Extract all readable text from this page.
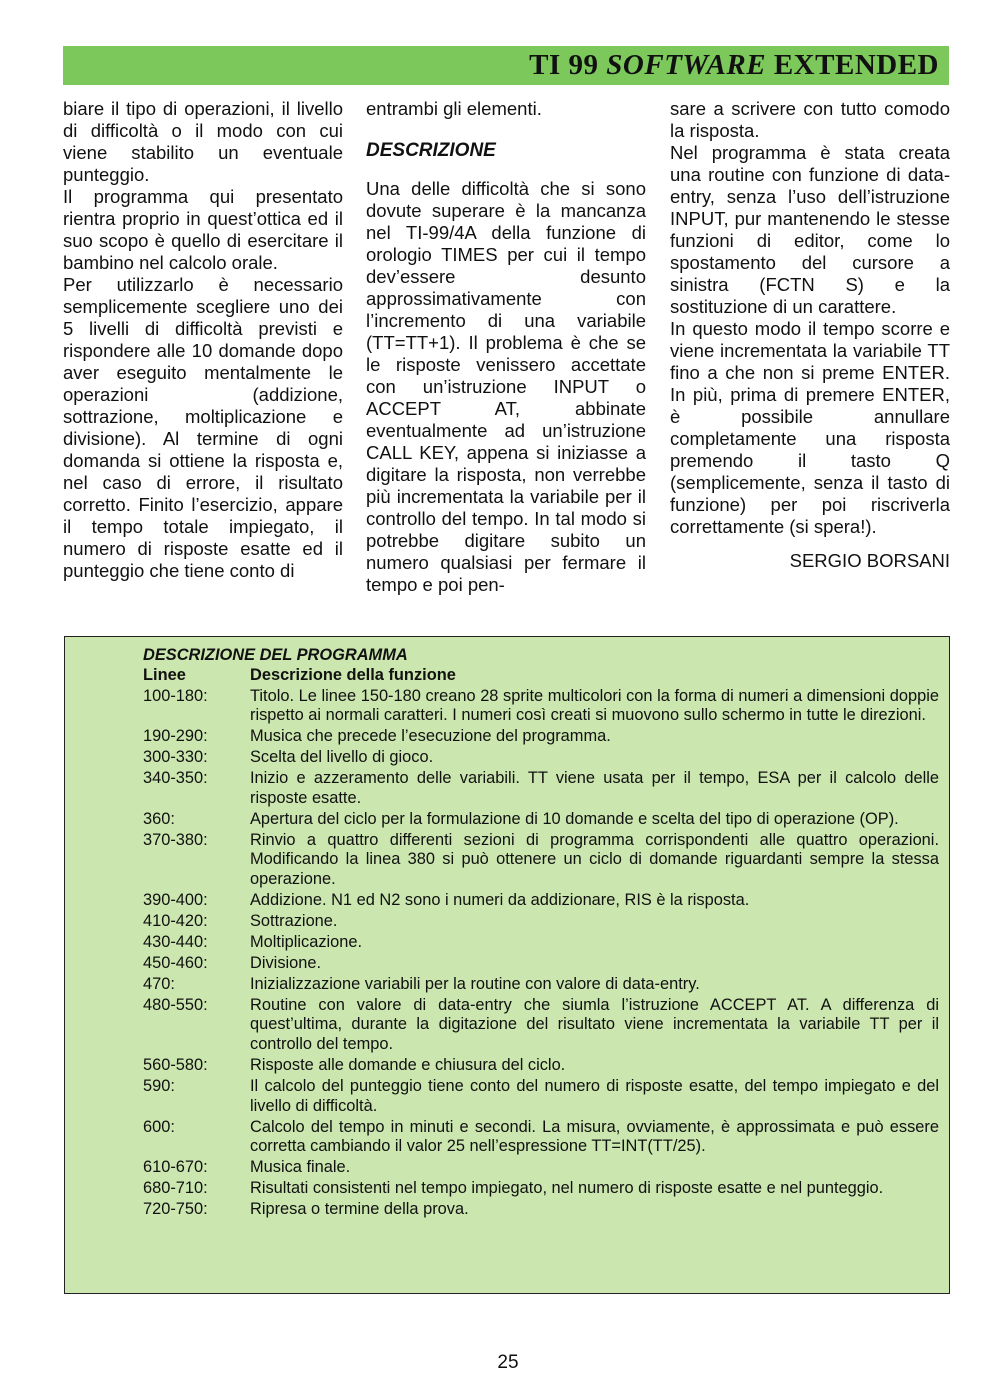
TI 99 SOFTWARE EXTENDED

biare il tipo di operazioni, il livello di difficoltà o il modo con cui viene stabilito un eventuale punteggio.

Il programma qui presentato rientra proprio in quest’ottica ed il suo scopo è quello di esercitare il bambino nel calcolo orale.

Per utilizzarlo è necessario semplicemente scegliere uno dei 5 livelli di difficoltà previsti e rispondere alle 10 domande dopo aver eseguito mentalmente le operazioni (addizione, sottrazione, moltiplicazione e divisione). Al termine di ogni domanda si ottiene la risposta e, nel caso di errore, il risultato corretto. Finito l’esercizio, appare il tempo totale impiegato, il numero di risposte esatte ed il punteggio che tiene conto di

entrambi gli elementi.

DESCRIZIONE

Una delle difficoltà che si sono dovute superare è la mancanza nel TI-99/4A della funzione di orologio TIMES per cui il tempo dev’essere desunto approssimativamente con l’incremento di una variabile (TT=TT+1). Il problema è che se le risposte venissero accettate con un’istruzione INPUT o ACCEPT AT, abbinate eventualmente ad un’istruzione CALL KEY, appena si iniziasse a digitare la risposta, non verrebbe più incrementata la variabile per il controllo del tempo. In tal modo si potrebbe digitare subito un numero qualsiasi per fermare il tempo e poi pen-

sare a scrivere con tutto comodo la risposta.

Nel programma è stata creata una routine con funzione di data-entry, senza l’uso dell’istruzione INPUT, pur mantenendo le stesse funzioni di editor, come lo spostamento del cursore a sinistra (FCTN S) e la sostituzione di un carattere.

In questo modo il tempo scorre e viene incrementata la variabile TT fino a che non si preme ENTER. In più, prima di premere ENTER, è possibile annullare completamente una risposta premendo il tasto Q (semplicemente, senza il tasto di funzione) per poi riscriverla correttamente (si spera!).

SERGIO BORSANI

DESCRIZIONE DEL PROGRAMMA
Linee	Descrizione della funzione
100-180:	Titolo. Le linee 150-180 creano 28 sprite multicolori con la forma di numeri a dimensioni doppie rispetto ai normali caratteri. I numeri così creati si muovono sullo schermo in tutte le direzioni.
190-290:	Musica che precede l’esecuzione del programma.
300-330:	Scelta del livello di gioco.
340-350:	Inizio e azzeramento delle variabili. TT viene usata per il tempo, ESA per il calcolo delle risposte esatte.
360:	Apertura del ciclo per la formulazione di 10 domande e scelta del tipo di operazione (OP).
370-380:	Rinvio a quattro differenti sezioni di programma corrispondenti alle quattro operazioni. Modificando la linea 380 si può ottenere un ciclo di domande riguardanti sempre la stessa operazione.
390-400:	Addizione. N1 ed N2 sono i numeri da addizionare, RIS è la risposta.
410-420:	Sottrazione.
430-440:	Moltiplicazione.
450-460:	Divisione.
470:	Inizializzazione variabili per la routine con valore di data-entry.
480-550:	Routine con valore di data-entry che siumla l’istruzione ACCEPT AT. A differenza di quest’ultima, durante la digitazione del risultato viene incrementata la variabile TT per il controllo del tempo.
560-580:	Risposte alle domande e chiusura del ciclo.
590:	Il calcolo del punteggio tiene conto del numero di risposte esatte, del tempo impiegato e del livello di difficoltà.
600:	Calcolo del tempo in minuti e secondi. La misura, ovviamente, è approssimata e può essere corretta cambiando il valor 25 nell’espressione TT=INT(TT/25).
610-670:	Musica finale.
680-710:	Risultati consistenti nel tempo impiegato, nel numero di risposte esatte e nel punteggio.
720-750:	Ripresa o termine della prova.
25
